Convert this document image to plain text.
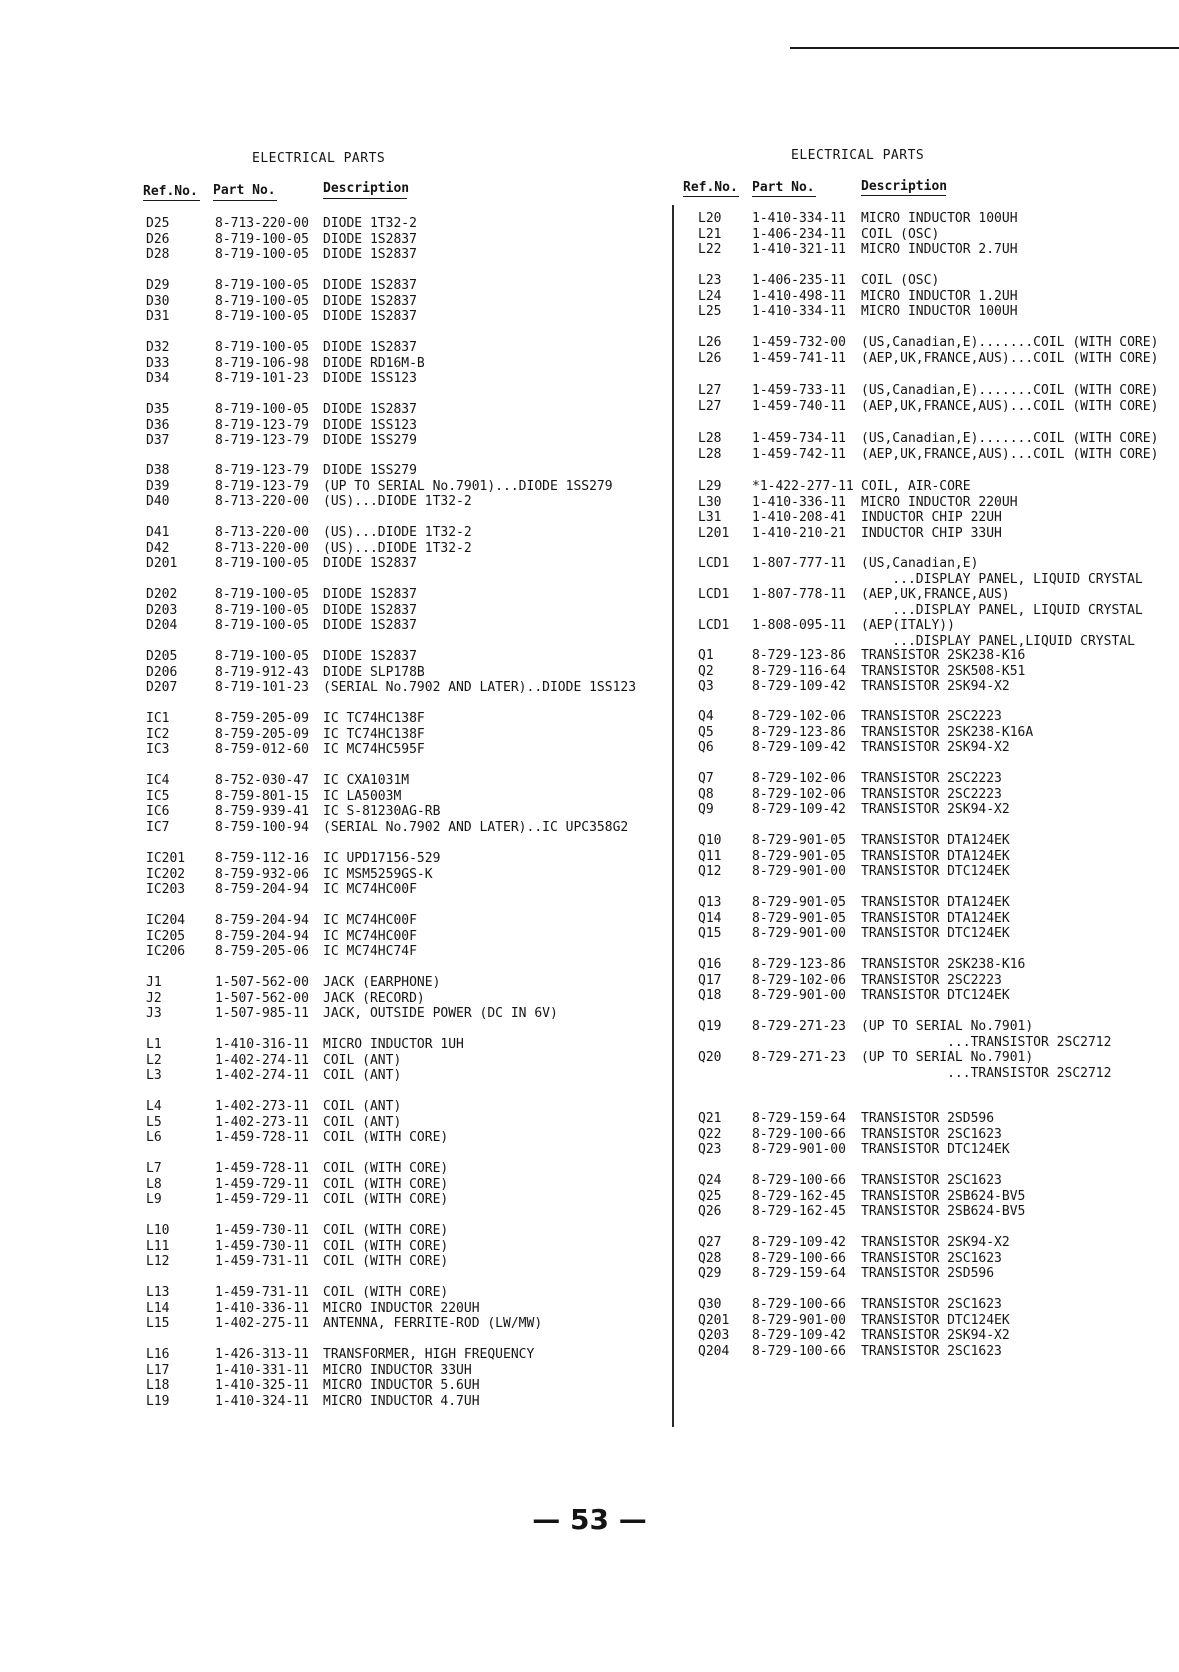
ELECTRICAL PARTS
Ref.No. Part No.	Description
D25	8-713-220-00 DIODE 1T32-2
D26	8-719-100-05 DIODE 1S2837
D28	8-719-100-05 DIODE 1S2837
D29	8-719-100-05 DIODE 1S2837
D30	8-719-100-05 DIODE 1S2837
D31	8-719-100-05 DIODE 1S2837
D32	8-719-100-05 DIODE 1S2837
D33	8-719-106-98 DIODE RD16M-B
D34	8-719-101-23 DIODE 1SS123
D35	8-719-100-05 DIODE 1S2837
D36	8-719-123-79 DIODE 1SS123
D37	8-719-123-79 DIODE 1SS279
D38	8-719-123-79 DIODE 1SS279
D39	8-719-123-79 (UP TO SERIAL No.7901)...DIODE 1SS279
D40	8-713-220-00 (US)...DIODE 1T32-2
D41	8-713-220-00 (US)...DIODE 1T32-2
D42	8-713-220-00 (US)...DIODE 1T32-2
D201	8-719-100-05 DIODE 1S2837
D202	8-719-100-05 DIODE 1S2837
D203	8-719-100-05 DIODE 1S2837
D204	8-719-100-05 DIODE 1S2837
D205	8-719-100-05 DIODE 1S2837
D206	8-719-912-43 DIODE SLP178B
D207	8-719-101-23 (SERIAL No.7902 AND LATER)..DIODE 1SS123
IC1	8-759-205-09 IC TC74HC138F
IC2	8-759-205-09 IC TC74HC138F
IC3	8-759-012-60 IC MC74HC595F
IC4	8-752-030-47 IC CXA1031M
IC5	8-759-801-15 IC LA5003M
IC6	8-759-939-41 IC S-81230AG-RB
IC7	8-759-100-94 (SERIAL No.7902 AND LATER)..IC UPC358G2
IC201 8-759-112-16 IC UPD17156-529
IC202 8-759-932-06 IC MSM5259GS-K
IC203 8-759-204-94 IC MC74HC00F
IC204 8-759-204-94 IC MC74HC00F
IC205 8-759-204-94 IC MC74HC00F
IC206 8-759-205-06 IC MC74HC74F
J1	1-507-562-00 JACK (EARPHONE)
J2	1-507-562-00 JACK (RECORD)
J3	1-507-985-11 JACK, OUTSIDE POWER (DC IN 6V)
L1	1-410-316-11 MICRO INDUCTOR 1UH
L2	1-402-274-11 COIL (ANT)
L3	1-402-274-11 COIL (ANT)
L4	1-402-273-11 COIL (ANT)
L5	1-402-273-11 COIL (ANT)
L6	1-459-728-11 COIL (WITH CORE)
L7	1-459-728-11 COIL (WITH CORE)
L8	1-459-729-11 COIL (WITH CORE)
L9	1-459-729-11 COIL (WITH CORE)
L10	1-459-730-11 COIL (WITH CORE)
L11	1-459-730-11 COIL (WITH CORE)
L12	1-459-731-11 COIL (WITH CORE)
L13	1-459-731-11 COIL (WITH CORE)
L14	1-410-336-11 MICRO INDUCTOR 220UH
L15	1-402-275-11 ANTENNA, FERRITE-ROD (LW/MW)
L16	1-426-313-11 TRANSFORMER, HIGH FREQUENCY
L17	1-410-331-11 MICRO INDUCTOR 33UH
L18	1-410-325-11 MICRO INDUCTOR 5.6UH
L19	1-410-324-11 MICRO INDUCTOR 4.7UH
ELECTRICAL PARTS
Ref.No. Part No.	Description
L20 1-410-334-11 MICRO INDUCTOR 100UH
L21 1-406-234-11 COIL (OSC)
L22 1-410-321-11 MICRO INDUCTOR 2.7UH
L23 1-406-235-11 COIL (OSC)
L24 1-410-498-11 MICRO INDUCTOR 1.2UH
L25 1-410-334-11 MICRO INDUCTOR 100UH
L26 1-459-732-00 (US,Canadian,E).......COIL (WITH CORE)
L26 1-459-741-11 (AEP,UK,FRANCE,AUS)...COIL (WITH CORE)
L27 1-459-733-11 (US,Canadian,E).......COIL (WITH CORE)
L27 1-459-740-11 (AEP,UK,FRANCE,AUS)...COIL (WITH CORE)
L28 1-459-734-11 (US,Canadian,E).......COIL (WITH CORE)
L28 1-459-742-11 (AEP,UK,FRANCE,AUS)...COIL (WITH CORE)
L29 *1-422-277-11 COIL, AIR-CORE
L30 1-410-336-11 MICRO INDUCTOR 220UH
L31 1-410-208-41 INDUCTOR CHIP 22UH
L201 1-410-210-21 INDUCTOR CHIP 33UH
LCD1 1-807-777-11 (US,Canadian,E)
...DISPLAY PANEL, LIQUID CRYSTAL
LCD1 1-807-778-11 (AEP,UK,FRANCE,AUS)
...DISPLAY PANEL, LIQUID CRYSTAL
LCD1 1-808-095-11 (AEP(ITALY))
...DISPLAY PANEL,LIQUID CRYSTAL
Q1	8-729-123-86 TRANSISTOR 2SK238-K16
Q2	8-729-116-64 TRANSISTOR 2SK508-K51
Q3	8-729-109-42 TRANSISTOR 2SK94-X2
Q4	8-729-102-06 TRANSISTOR 2SC2223
Q5	8-729-123-86 TRANSISTOR 2SK238-K16A
Q6	8-729-109-42 TRANSISTOR 2SK94-X2
Q7	8-729-102-06 TRANSISTOR 2SC2223
Q8	8-729-102-06 TRANSISTOR 2SC2223
Q9	8-729-109-42 TRANSISTOR 2SK94-X2
Q10 8-729-901-05 TRANSISTOR DTA124EK
Q11 8-729-901-05 TRANSISTOR DTA124EK
Q12 8-729-901-00 TRANSISTOR DTC124EK
Q13 8-729-901-05 TRANSISTOR DTA124EK
Q14 8-729-901-05 TRANSISTOR DTA124EK
Q15 8-729-901-00 TRANSISTOR DTC124EK
Q16 8-729-123-86 TRANSISTOR 2SK238-K16
Q17 8-729-102-06 TRANSISTOR 2SC2223
Q18 8-729-901-00 TRANSISTOR DTC124EK
Q19 8-729-271-23 (UP TO SERIAL No.7901)
...TRANSISTOR 2SC2712
Q20 8-729-271-23 (UP TO SERIAL No.7901)
...TRANSISTOR 2SC2712
Q21 8-729-159-64 TRANSISTOR 2SD596
Q22 8-729-100-66 TRANSISTOR 2SC1623
Q23 8-729-901-00 TRANSISTOR DTC124EK
Q24 8-729-100-66 TRANSISTOR 2SC1623
Q25 8-729-162-45 TRANSISTOR 2SB624-BV5
Q26 8-729-162-45 TRANSISTOR 2SB624-BV5
Q27 8-729-109-42 TRANSISTOR 2SK94-X2
Q28 8-729-100-66 TRANSISTOR 2SC1623
Q29 8-729-159-64 TRANSISTOR 2SD596
Q30 8-729-100-66 TRANSISTOR 2SC1623
Q201 8-729-901-00 TRANSISTOR DTC124EK
Q203 8-729-109-42 TRANSISTOR 2SK94-X2
Q204 8-729-100-66 TRANSISTOR 2SC1623
— 53 —
